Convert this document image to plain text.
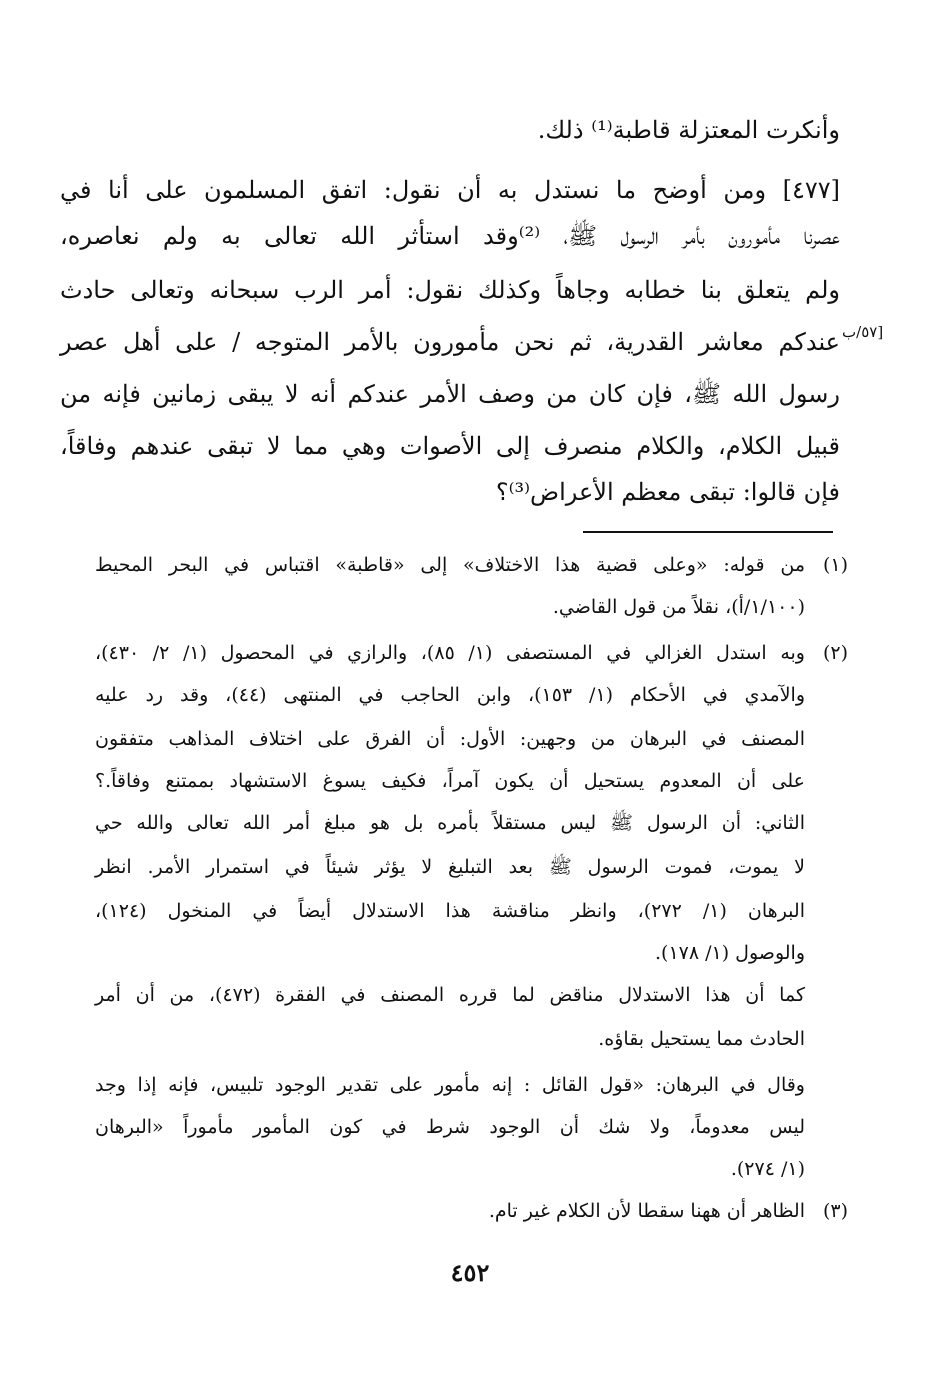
وأنكرت المعتزلة قاطبة⁽¹⁾ ذلك.
[٤٧٧] ومن أوضح ما نستدل به أن نقول: اتفق المسلمون على أنا في
عصرنا مأمورون بأمر الرسول ﷺ، ⁽²⁾وقد استأثر الله تعالى به ولم نعاصره،
ولم يتعلق بنا خطابه وجاهاً وكذلك نقول: أمر الرب سبحانه وتعالى حادث
عندكم معاشر القدرية، ثم نحن مأمورون بالأمر المتوجه / على أهل عصر
رسول الله ﷺ، فإن كان من وصف الأمر عندكم أنه لا يبقى زمانين فإنه من
قبيل الكلام، والكلام منصرف إلى الأصوات وهي مما لا تبقى عندهم وفاقاً،
فإن قالوا: تبقى معظم الأعراض⁽³⁾؟
[٥٧/ب
(١)
من قوله: «وعلى قضية هذا الاختلاف» إلى «قاطبة» اقتباس في البحر المحيط
(١/١٠٠/أ)، نقلاً من قول القاضي.
(٢)
وبه استدل الغزالي في المستصفى (١/ ٨٥)، والرازي في المحصول (١/ ٢/ ٤٣٠)،
والآمدي في الأحكام (١/ ١٥٣)، وابن الحاجب في المنتهى (٤٤)، وقد رد عليه
المصنف في البرهان من وجهين: الأول: أن الفرق على اختلاف المذاهب متفقون
على أن المعدوم يستحيل أن يكون آمراً، فكيف يسوغ الاستشهاد بممتنع وفاقاً.؟
الثاني: أن الرسول ﷺ ليس مستقلاً بأمره بل هو مبلغ أمر الله تعالى والله حي
لا يموت، فموت الرسول ﷺ بعد التبليغ لا يؤثر شيئاً في استمرار الأمر. انظر
البرهان (١/ ٢٧٢)، وانظر مناقشة هذا الاستدلال أيضاً في المنخول (١٢٤)،
والوصول (١/ ١٧٨).
كما أن هذا الاستدلال مناقض لما قرره المصنف في الفقرة (٤٧٢)، من أن أمر
الحادث مما يستحيل بقاؤه.
وقال في البرهان: «قول القائل : إنه مأمور على تقدير الوجود تلبيس، فإنه إذا وجد
ليس معدوماً، ولا شك أن الوجود شرط في كون المأمور مأموراً «البرهان
(١/ ٢٧٤).
(٣)
الظاهر أن ههنا سقطا لأن الكلام غير تام.
٤٥٢
